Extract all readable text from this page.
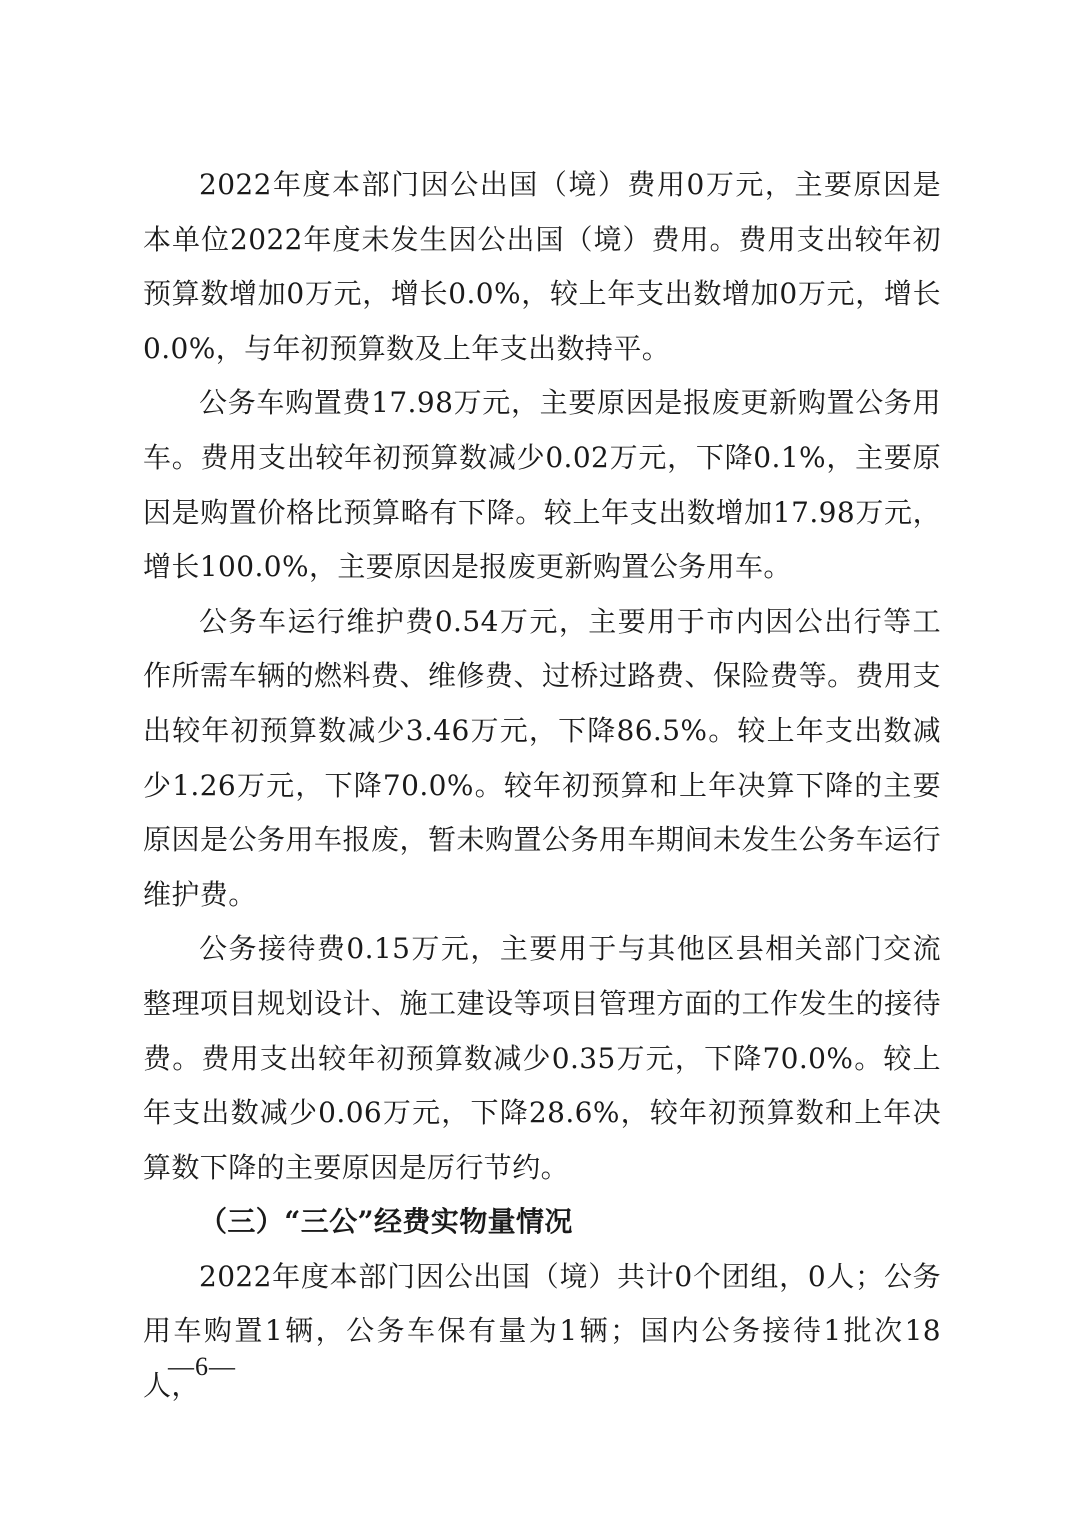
2022年度本部门因公出国（境）费用0万元，主要原因是本单位2022年度未发生因公出国（境）费用。费用支出较年初预算数增加0万元，增长0.0%，较上年支出数增加0万元，增长0.0%，与年初预算数及上年支出数持平。

公务车购置费17.98万元，主要原因是报废更新购置公务用车。费用支出较年初预算数减少0.02万元，下降0.1%，主要原因是购置价格比预算略有下降。较上年支出数增加17.98万元，增长100.0%，主要原因是报废更新购置公务用车。

公务车运行维护费0.54万元，主要用于市内因公出行等工作所需车辆的燃料费、维修费、过桥过路费、保险费等。费用支出较年初预算数减少3.46万元，下降86.5%。较上年支出数减少1.26万元，下降70.0%。较年初预算和上年决算下降的主要原因是公务用车报废，暂未购置公务用车期间未发生公务车运行维护费。

公务接待费0.15万元，主要用于与其他区县相关部门交流整理项目规划设计、施工建设等项目管理方面的工作发生的接待费。费用支出较年初预算数减少0.35万元，下降70.0%。较上年支出数减少0.06万元，下降28.6%，较年初预算数和上年决算数下降的主要原因是厉行节约。

（三）“三公”经费实物量情况

2022年度本部门因公出国（境）共计0个团组，0人；公务用车购置1辆，公务车保有量为1辆；国内公务接待1批次18人，

—6—
